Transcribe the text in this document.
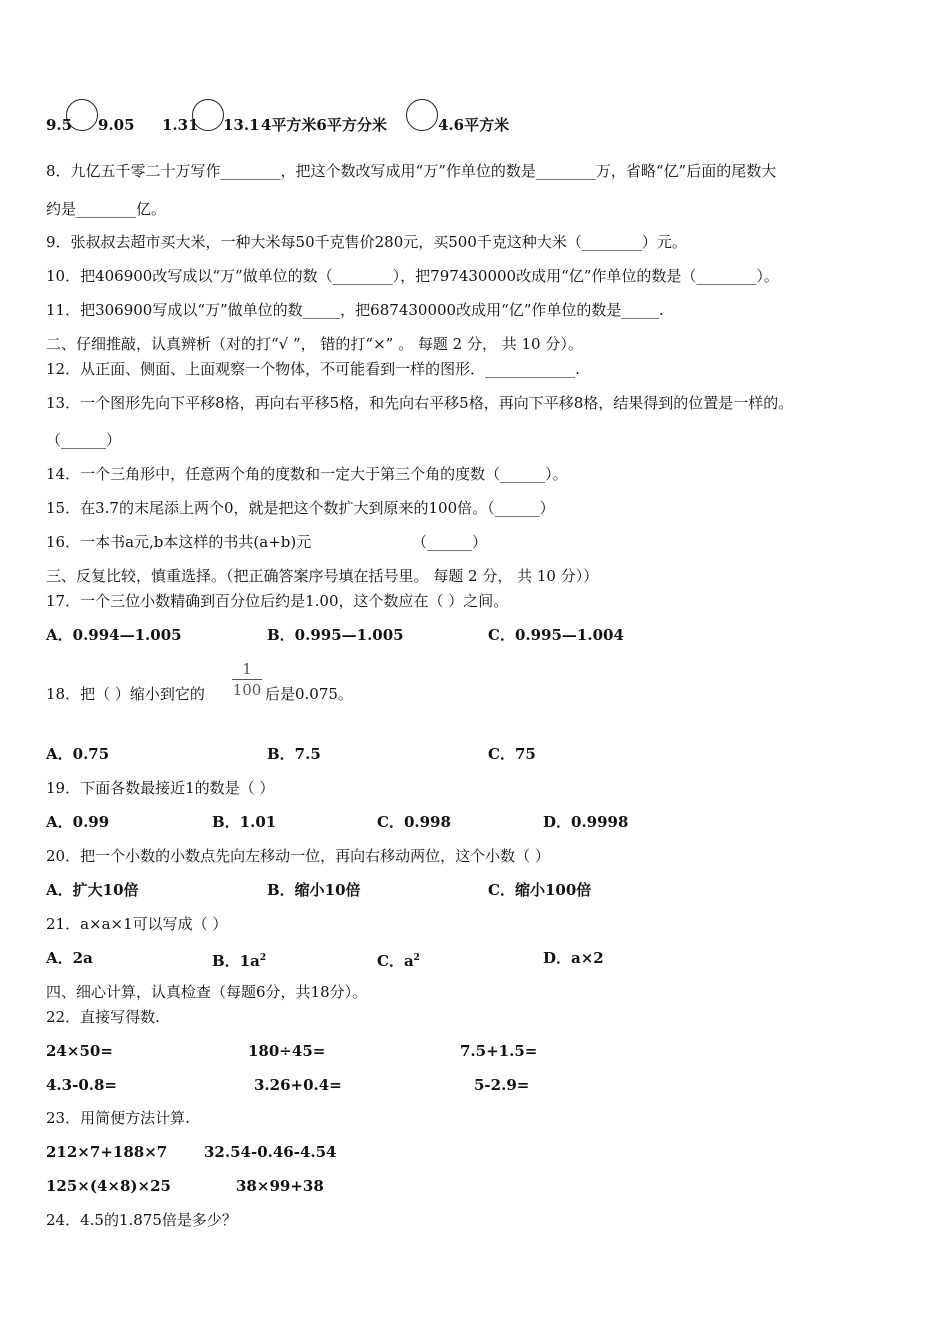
9.5 9.05 1.31 13.1 4平方米6平方分米	4.6平方米
8．九亿五千零二十万写作________，把这个数改写成用“万”作单位的数是________万，省略“亿”后面的尾数大
约是________亿。
9．张叔叔去超市买大米，一种大米每50千克售价280元，买500千克这种大米（________）元。
10．把406900改写成以“万”做单位的数（________），把797430000改成用“亿”作单位的数是（________）。
11．把306900写成以“万”做单位的数_____，把687430000改成用“亿”作单位的数是_____.
二、仔细推敲，认真辨析（对的打“√ ”， 错的打“×” 。 每题 2 分， 共 10 分）。
12．从正面、侧面、上面观察一个物体，不可能看到一样的图形．____________.
13．一个图形先向下平移8格，再向右平移5格，和先向右平移5格，再向下平移8格，结果得到的位置是一样的。
（______）
14．一个三角形中，任意两个角的度数和一定大于第三个角的度数（______）。
15．在3.7的末尾添上两个0，就是把这个数扩大到原来的100倍。（______）
16．一本书a元,b本这样的书共(a+b)元	（______）
三、反复比较，慎重选择。（把正确答案序号填在括号里。 每题 2 分， 共 10 分））
17．一个三位小数精确到百分位后约是1.00，这个数应在（ ）之间。
A．0.994—1.005	B．0.995—1.005	C．0.995—1.004
18．把（ ）缩小到它的
1
100 后是0.075。
A．0.75	B．7.5	C．75
19．下面各数最接近1的数是（ ）
A．0.99	B．1.01	C．0.998	D．0.9998
20．把一个小数的小数点先向左移动一位，再向右移动两位，这个小数（ ）
A．扩大10倍	B．缩小10倍	C．缩小100倍
21．a×a×1可以写成（ ）
A．2a	B．$1a^2$	C．$a^2$	D．a×2
四、细心计算，认真检查（每题6分，共18分）。
22．直接写得数.
24×50=	180÷45=	7.5+1.5=
4.3-0.8=	3.26+0.4=	5-2.9=
23．用简便方法计算.
212×7+188×7 32.54-0.46-4.54
125×(4×8)×25	38×99+38
24．4.5的1.875倍是多少？
